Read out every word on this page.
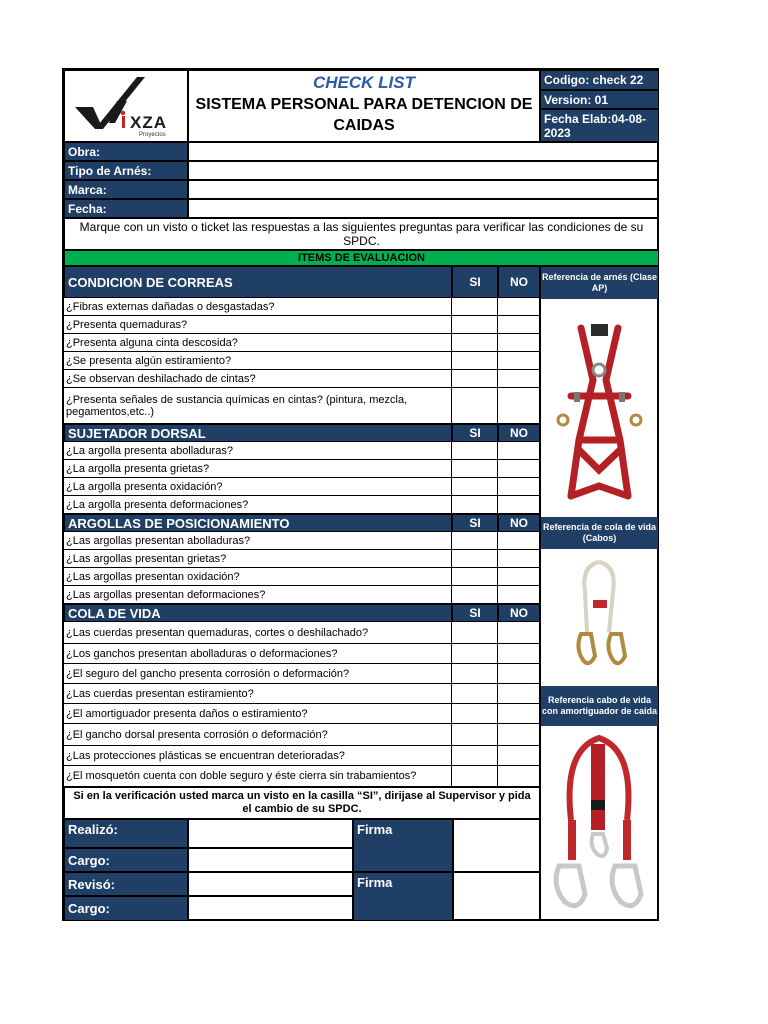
XZA
Proyectos
CHECK LIST
SISTEMA PERSONAL PARA DETENCION DE CAIDAS
Codigo: check 22
Version: 01
Fecha Elab:04-08-2023
Obra:
Tipo de Arnés:
Marca:
Fecha:
Marque con un visto o ticket las respuestas a las siguientes preguntas para verificar las condiciones de su SPDC.
ITEMS DE EVALUACION
CONDICION DE CORREAS	SI	NO
¿Fibras externas dañadas o desgastadas?
¿Presenta quemaduras?
¿Presenta alguna cinta descosida?
¿Se presenta algún estiramiento?
¿Se observan deshilachado de cintas?
¿Presenta señales de sustancia químicas en cintas? (pintura, mezcla, pegamentos,etc..)
SUJETADOR DORSAL	SI	NO
¿La argolla presenta abolladuras?
¿La argolla presenta grietas?
¿La argolla presenta oxidación?
¿La argolla presenta deformaciones?
ARGOLLAS DE POSICIONAMIENTO	SI	NO
¿Las argollas presentan abolladuras?
¿Las argollas presentan grietas?
¿Las argollas presentan oxidación?
¿Las argollas presentan deformaciones?
COLA DE VIDA	SI	NO
¿Las cuerdas presentan quemaduras, cortes o deshilachado?
¿Los ganchos presentan abolladuras o deformaciones?
¿El seguro del gancho presenta corrosión o deformación?
¿Las cuerdas presentan estiramiento?
¿El amortiguador presenta daños o estiramiento?
¿El gancho dorsal presenta corrosión o deformación?
¿Las protecciones plásticas se encuentran deterioradas?
¿El mosquetón cuenta con doble seguro y éste cierra sin trabamientos?
Referencia de arnés (Clase AP)
Referencia de cola de vida (Cabos)
Referencia cabo de vida con amortiguador de caida
Si en la verificación usted marca un visto en la casilla “SI”, dirijase al Supervisor y pida el cambio de su SPDC.
Realizó:
Cargo:
Firma
Revisó:
Cargo:
Firma
